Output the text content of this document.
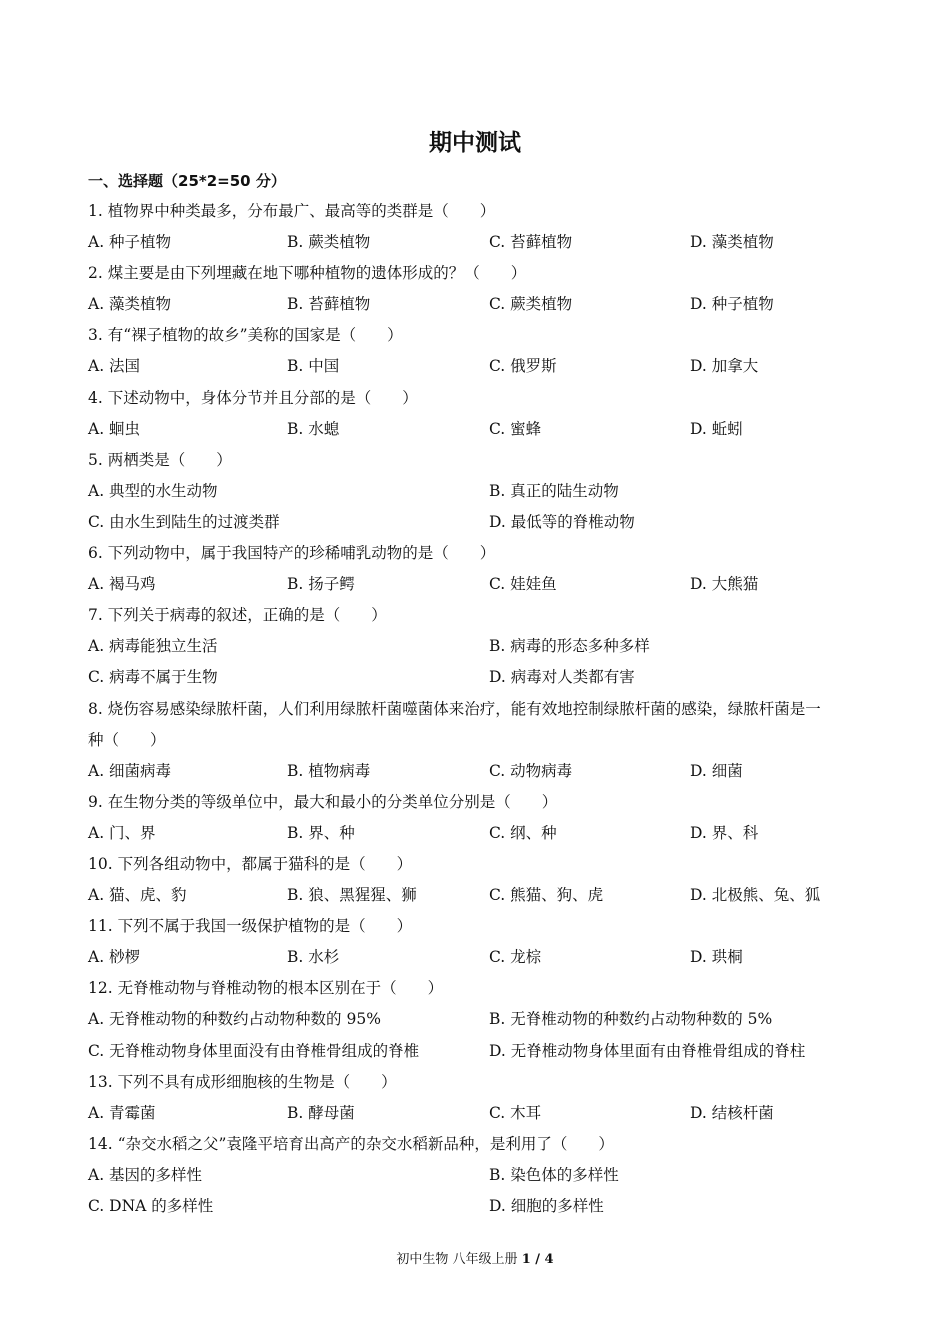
期中测试
一、选择题（25*2=50 分）
1. 植物界中种类最多，分布最广、最高等的类群是（　　）
A. 种子植物	B. 蕨类植物	C. 苔藓植物	D. 藻类植物
2. 煤主要是由下列埋藏在地下哪种植物的遗体形成的？（　　）
A. 藻类植物	B. 苔藓植物	C. 蕨类植物	D. 种子植物
3. 有“裸子植物的故乡”美称的国家是（　　）
A. 法国	B. 中国	C. 俄罗斯	D. 加拿大
4. 下述动物中，身体分节并且分部的是（　　）
A. 蛔虫	B. 水螅	C. 蜜蜂	D. 蚯蚓
5. 两栖类是（　　）
A. 典型的水生动物	B. 真正的陆生动物
C. 由水生到陆生的过渡类群	D. 最低等的脊椎动物
6. 下列动物中，属于我国特产的珍稀哺乳动物的是（　　）
A. 褐马鸡	B. 扬子鳄	C. 娃娃鱼	D. 大熊猫
7. 下列关于病毒的叙述，正确的是（　　）
A. 病毒能独立生活	B. 病毒的形态多种多样
C. 病毒不属于生物	D. 病毒对人类都有害
8. 烧伤容易感染绿脓杆菌，人们利用绿脓杆菌噬菌体来治疗，能有效地控制绿脓杆菌的感染，绿脓杆菌是一
种（　　）
A. 细菌病毒	B. 植物病毒	C. 动物病毒	D. 细菌
9. 在生物分类的等级单位中，最大和最小的分类单位分别是（　　）
A. 门、界	B. 界、种	C. 纲、种	D. 界、科
10. 下列各组动物中，都属于猫科的是（　　）
A. 猫、虎、豹	B. 狼、黑猩猩、狮	C. 熊猫、狗、虎	D. 北极熊、兔、狐
11. 下列不属于我国一级保护植物的是（　　）
A. 桫椤	B. 水杉	C. 龙棕	D. 珙桐
12. 无脊椎动物与脊椎动物的根本区别在于（　　）
A. 无脊椎动物的种数约占动物种数的 95%	B. 无脊椎动物的种数约占动物种数的 5%
C. 无脊椎动物身体里面没有由脊椎骨组成的脊椎	D. 无脊椎动物身体里面有由脊椎骨组成的脊柱
13. 下列不具有成形细胞核的生物是（　　）
A. 青霉菌	B. 酵母菌	C. 木耳	D. 结核杆菌
14. “杂交水稻之父”袁隆平培育出高产的杂交水稻新品种，是利用了（　　）
A. 基因的多样性	B. 染色体的多样性
C. DNA 的多样性	D. 细胞的多样性
初中生物 八年级上册 1 / 4
